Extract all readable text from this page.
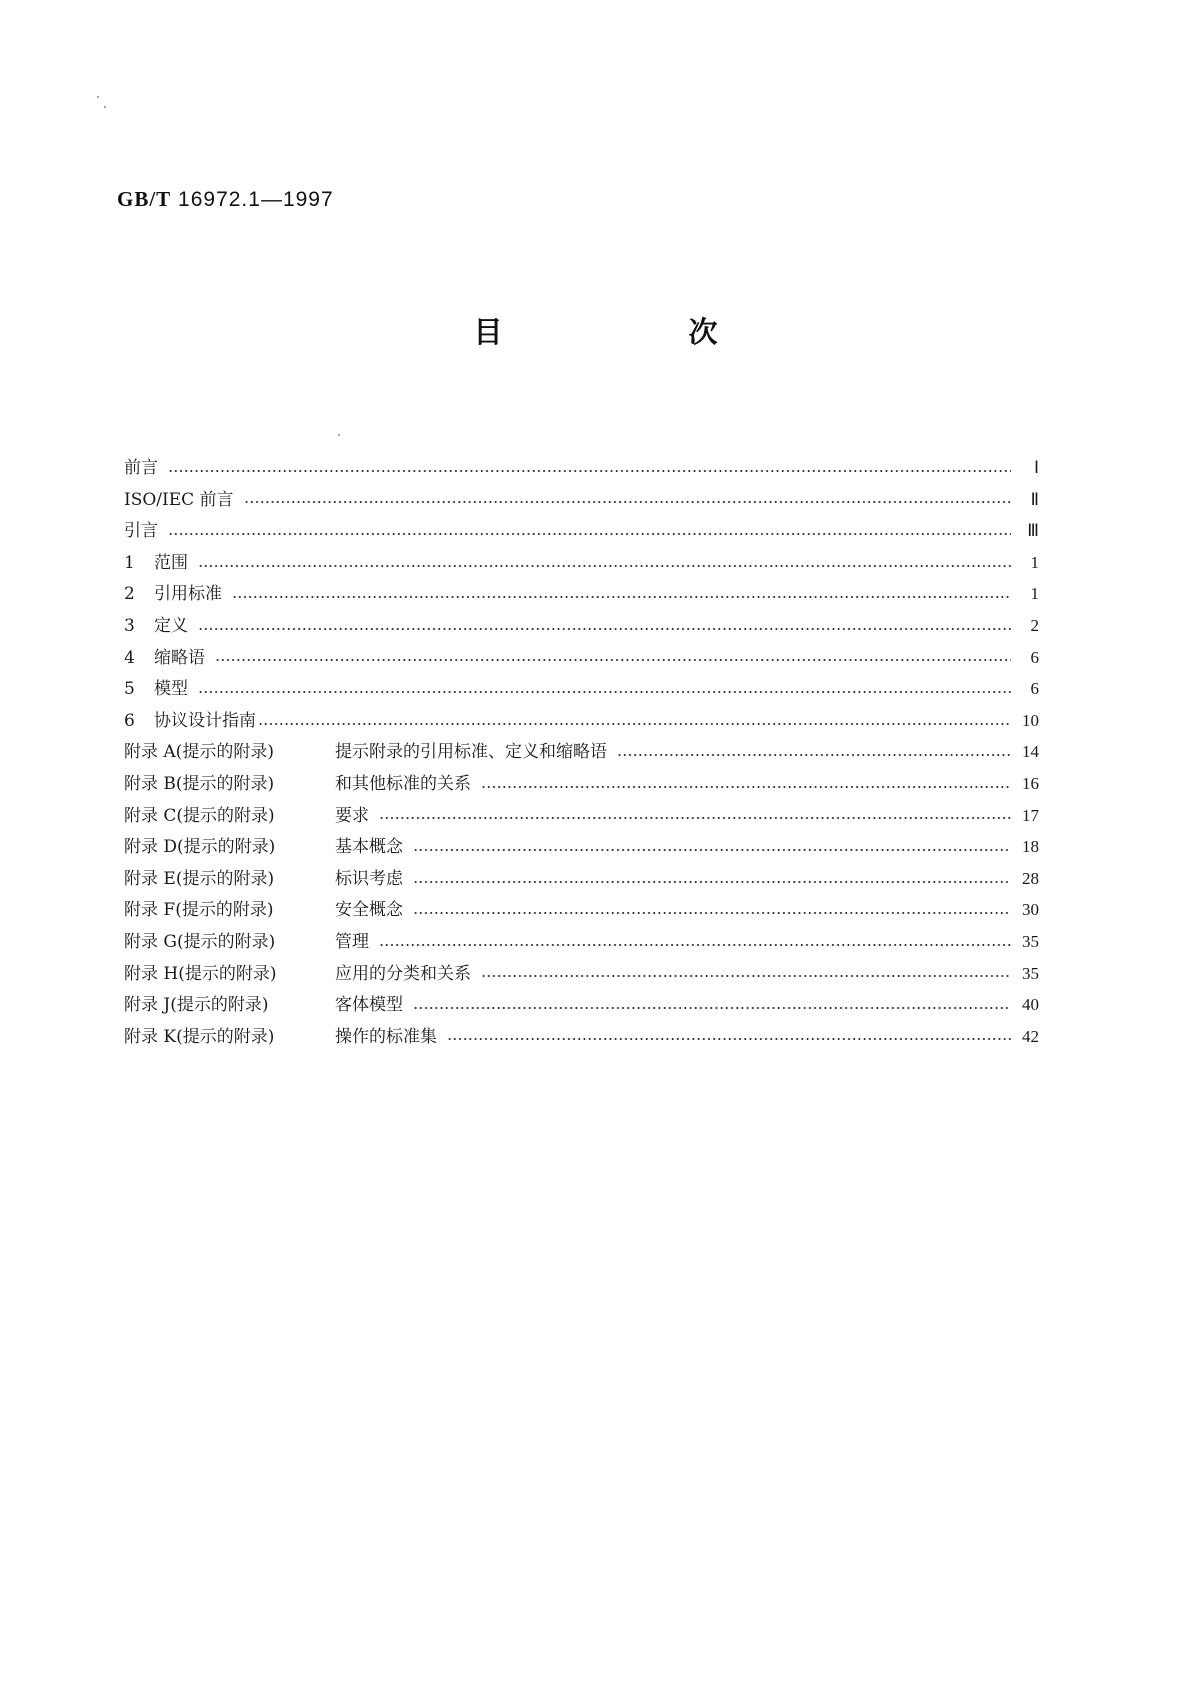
GB/T 16972.1—1997
目 次
前言	Ⅰ
ISO/IEC 前言	Ⅱ
引言	Ⅲ
1	范围	1
2	引用标准	1
3	定义	2
4	缩略语	6
5	模型	6
6	协议设计指南	10
附录 A(提示的附录)	提示附录的引用标准、定义和缩略语	14
附录 B(提示的附录)	和其他标准的关系	16
附录 C(提示的附录)	要求	17
附录 D(提示的附录)	基本概念	18
附录 E(提示的附录)	标识考虑	28
附录 F(提示的附录)	安全概念	30
附录 G(提示的附录)	管理	35
附录 H(提示的附录)	应用的分类和关系	35
附录 J(提示的附录)	客体模型	40
附录 K(提示的附录)	操作的标准集	42
